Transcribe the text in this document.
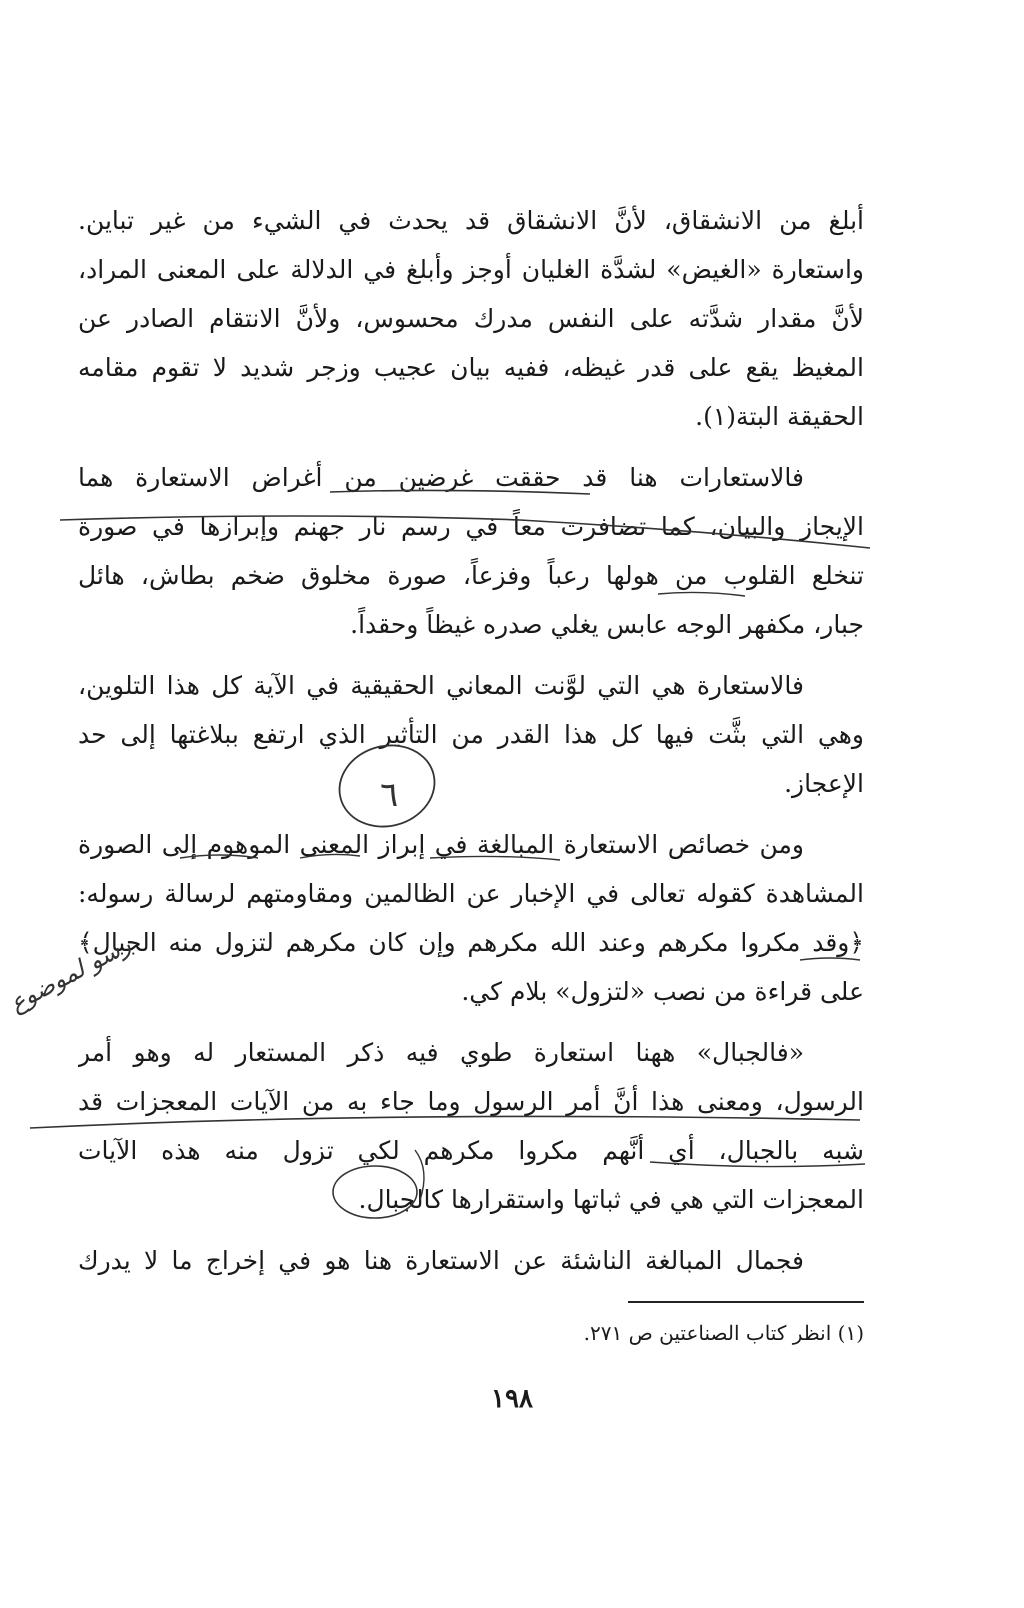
أبلغ من الانشقاق، لأنَّ الانشقاق قد يحدث في الشيء من غير تباين.
واستعارة «الغيض» لشدَّة الغليان أوجز وأبلغ في الدلالة على المعنى المراد،
لأنَّ مقدار شدَّته على النفس مدرك محسوس، ولأنَّ الانتقام الصادر عن
المغيظ يقع على قدر غيظه، ففيه بيان عجيب وزجر شديد لا تقوم مقامه
الحقيقة البتة(١).
فالاستعارات هنا قد حققت غرضين من أغراض الاستعارة هما
الإيجاز والبيان، كما تضافرت معاً في رسم نار جهنم وإبرازها في صورة
تنخلع القلوب من هولها رعباً وفزعاً، صورة مخلوق ضخم بطاش، هائل
جبار، مكفهر الوجه عابس يغلي صدره غيظاً وحقداً.
فالاستعارة هي التي لوَّنت المعاني الحقيقية في الآية كل هذا التلوين،
وهي التي بثَّت فيها كل هذا القدر من التأثير الذي ارتفع ببلاغتها إلى حد
الإعجاز.
ومن خصائص الاستعارة المبالغة في إبراز المعنى الموهوم إلى الصورة
المشاهدة كقوله تعالى في الإخبار عن الظالمين ومقاومتهم لرسالة رسوله:
﴿وقد مكروا مكرهم وعند الله مكرهم وإن كان مكرهم لتزول منه الجبال﴾
على قراءة من نصب «لتزول» بلام كي.
«فالجبال» ههنا استعارة طوي فيه ذكر المستعار له وهو أمر
الرسول، ومعنى هذا أنَّ أمر الرسول وما جاء به من الآيات المعجزات قد
شبه بالجبال، أي أنَّهم مكروا مكرهم لكي تزول منه هذه الآيات
المعجزات التي هي في ثباتها واستقرارها كالجبال.
فجمال المبالغة الناشئة عن الاستعارة هنا هو في إخراج ما لا يدرك
(١) انظر كتاب الصناعتين ص ٢٧١.
١٩٨
رسو لموضوع
٦
